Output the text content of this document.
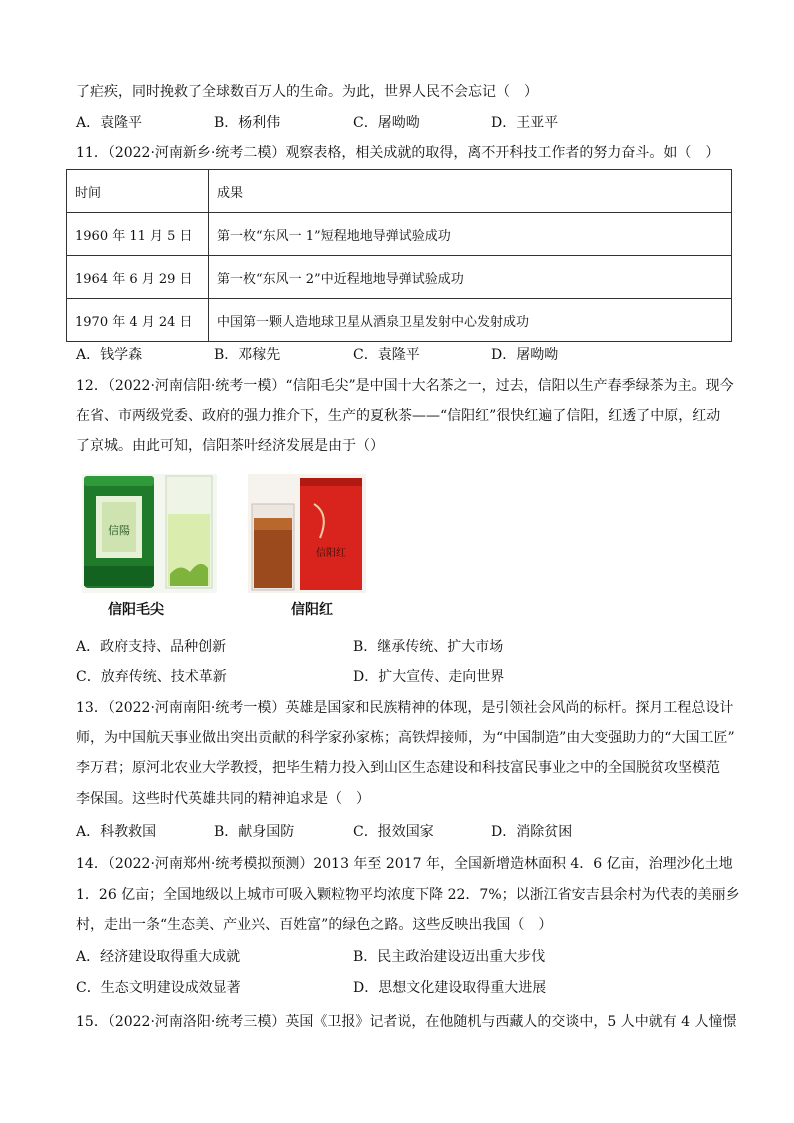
了疟疾，同时挽救了全球数百万人的生命。为此，世界人民不会忘记（　）
A．袁隆平	B．杨利伟	C．屠呦呦	D．王亚平
11．（2022·河南新乡·统考二模）观察表格，相关成就的取得，离不开科技工作者的努力奋斗。如（　）
时间	成果
1960 年 11 月 5 日	第一枚“东风一 1”短程地地导弹试验成功
1964 年 6 月 29 日	第一枚“东风一 2”中近程地地导弹试验成功
1970 年 4 月 24 日	中国第一颗人造地球卫星从酒泉卫星发射中心发射成功
A．钱学森	B．邓稼先	C．袁隆平	D．屠呦呦
12．（2022·河南信阳·统考一模）“信阳毛尖”是中国十大名茶之一，过去，信阳以生产春季绿茶为主。现今
在省、市两级党委、政府的强力推介下，生产的夏秋茶——“信阳红”很快红遍了信阳，红透了中原，红动
了京城。由此可知，信阳茶叶经济发展是由于（）
信陽
信阳毛尖
信阳红
信阳红
A．政府支持、品种创新	B．继承传统、扩大市场
C．放弃传统、技术革新	D．扩大宣传、走向世界
13．（2022·河南南阳·统考一模）英雄是国家和民族精神的体现，是引领社会风尚的标杆。探月工程总设计
师，为中国航天事业做出突出贡献的科学家孙家栋；高铁焊接师，为“中国制造”由大变强助力的“大国工匠”
李万君；原河北农业大学教授，把毕生精力投入到山区生态建设和科技富民事业之中的全国脱贫攻坚模范
李保国。这些时代英雄共同的精神追求是（　）
A．科教救国	B．献身国防	C．报效国家	D．消除贫困
14．（2022·河南郑州·统考模拟预测）2013 年至 2017 年，全国新增造林面积 4．6 亿亩，治理沙化土地
1．26 亿亩；全国地级以上城市可吸入颗粒物平均浓度下降 22．7%；以浙江省安吉县余村为代表的美丽乡
村，走出一条“生态美、产业兴、百姓富”的绿色之路。这些反映出我国（　）
A．经济建设取得重大成就	B．民主政治建设迈出重大步伐
C．生态文明建设成效显著	D．思想文化建设取得重大进展
15．（2022·河南洛阳·统考三模）英国《卫报》记者说，在他随机与西藏人的交谈中，5 人中就有 4 人憧憬
